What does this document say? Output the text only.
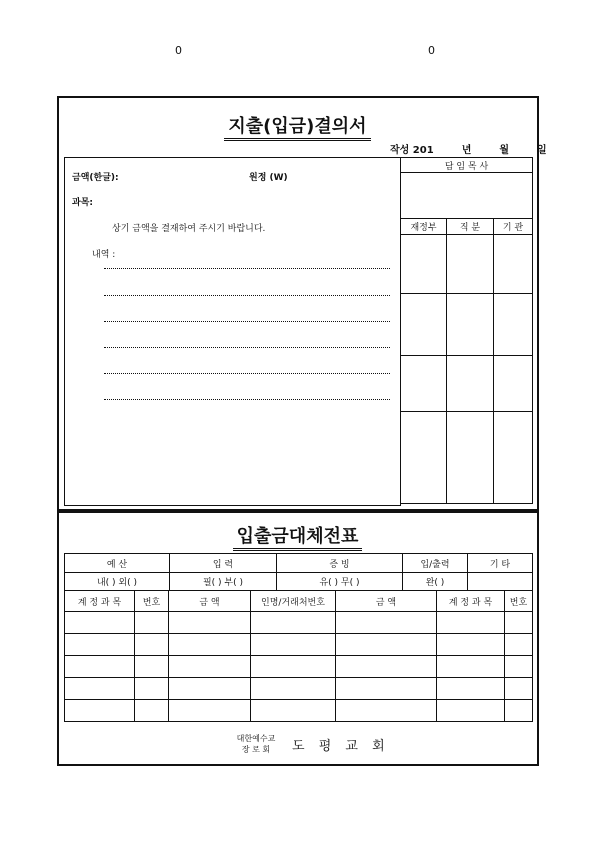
0	0
지출(입금)결의서
작성 201	년	월	일
금액(한글):	원정 (W)
과목:
상기 금액을 결재하여 주시기 바랍니다.
내역 :
담 임 목 사		

재정부	직 분	기 관

입출금대체전표
예 산	입 력	증 빙	입/출력	기 타
내( ) 외( )	필( ) 부( )	유( ) 무( )	완( )	
계 정 과 목	번호	금 액	인명/거래처번호	금 액	계 정 과 목	번호

대한예수교
장 로 회	도 평 교 회
